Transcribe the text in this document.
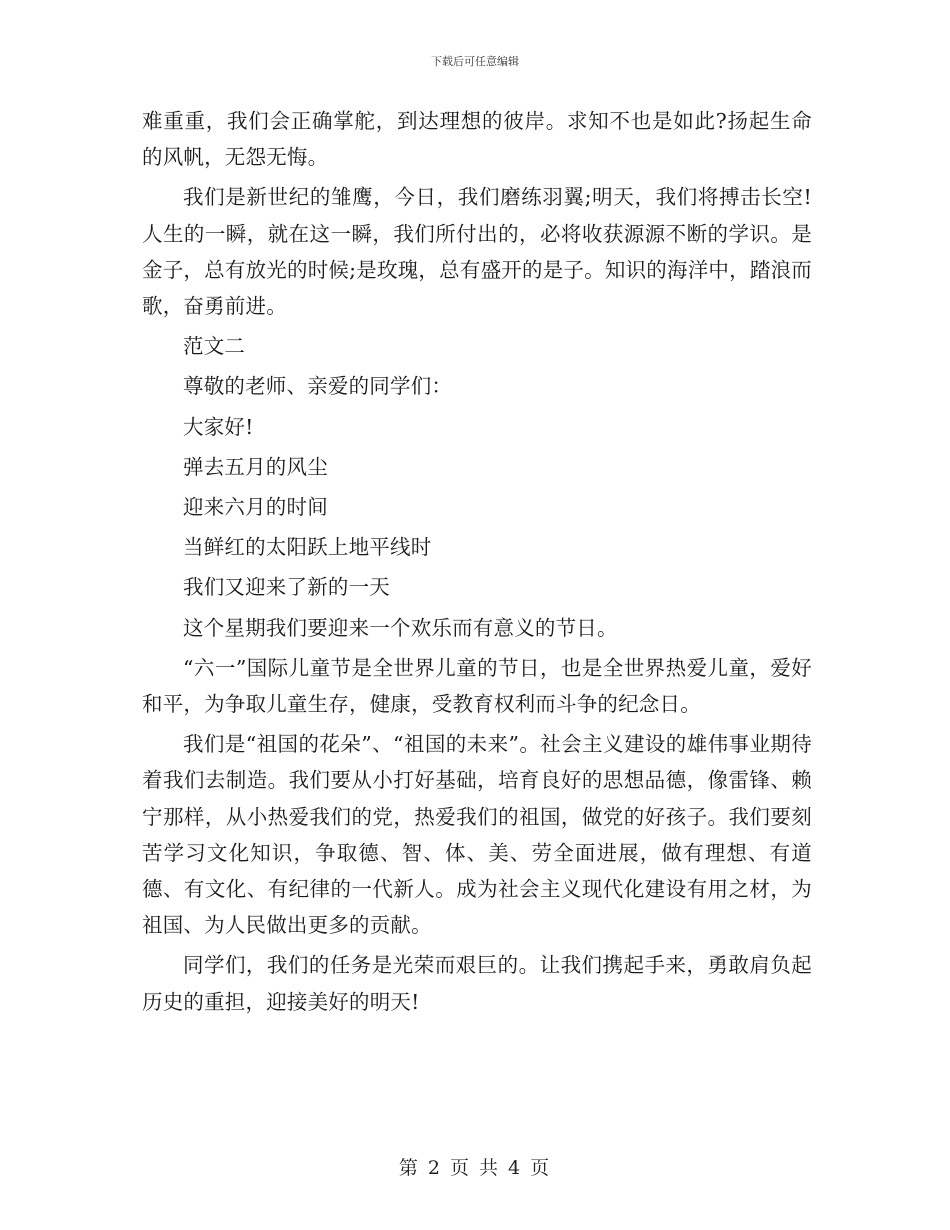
下载后可任意编辑

难重重，我们会正确掌舵，到达理想的彼岸。求知不也是如此?扬起生命的风帆，无怨无悔。

我们是新世纪的雏鹰，今日，我们磨练羽翼;明天，我们将搏击长空!人生的一瞬，就在这一瞬，我们所付出的，必将收获源源不断的学识。是金子，总有放光的时候;是玫瑰，总有盛开的是子。知识的海洋中，踏浪而歌，奋勇前进。

范文二

尊敬的老师、亲爱的同学们：

大家好!

弹去五月的风尘

迎来六月的时间

当鲜红的太阳跃上地平线时

我们又迎来了新的一天

这个星期我们要迎来一个欢乐而有意义的节日。

“六一”国际儿童节是全世界儿童的节日，也是全世界热爱儿童，爱好和平，为争取儿童生存，健康，受教育权利而斗争的纪念日。

我们是“祖国的花朵”、“祖国的未来”。社会主义建设的雄伟事业期待着我们去制造。我们要从小打好基础，培育良好的思想品德，像雷锋、赖宁那样，从小热爱我们的党，热爱我们的祖国，做党的好孩子。我们要刻苦学习文化知识，争取德、智、体、美、劳全面进展，做有理想、有道德、有文化、有纪律的一代新人。成为社会主义现代化建设有用之材，为祖国、为人民做出更多的贡献。

同学们，我们的任务是光荣而艰巨的。让我们携起手来，勇敢肩负起历史的重担，迎接美好的明天!

第 2 页 共 4 页
